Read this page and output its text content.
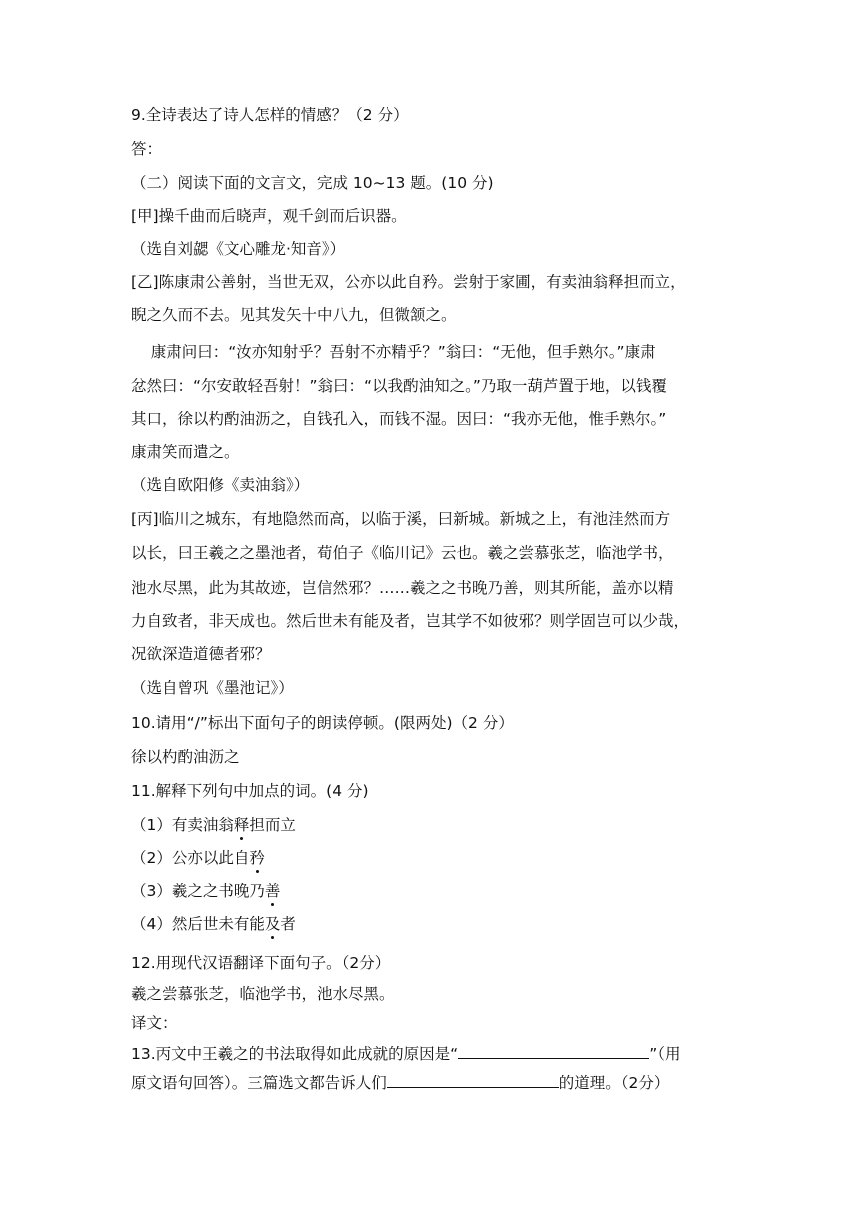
9.全诗表达了诗人怎样的情感？（2 分）
答：
（二）阅读下面的文言文，完成 10~13 题。(10 分)
[甲]操千曲而后晓声，观千剑而后识器。
（选自刘勰《文心雕龙·知音》）
[乙]陈康肃公善射，当世无双，公亦以此自矜。尝射于家圃，有卖油翁释担而立，
睨之久而不去。见其发矢十中八九，但微颔之。
康肃问曰：“汝亦知射乎？吾射不亦精乎？”翁曰：“无他，但手熟尔。”康肃
忿然曰：“尔安敢轻吾射！”翁曰：“以我酌油知之。”乃取一葫芦置于地，以钱覆
其口，徐以杓酌油沥之，自钱孔入，而钱不湿。因曰：“我亦无他，惟手熟尔。”
康肃笑而遣之。
（选自欧阳修《卖油翁》）
[丙]临川之城东，有地隐然而高，以临于溪，曰新城。新城之上，有池洼然而方
以长，曰王羲之之墨池者，荀伯子《临川记》云也。羲之尝慕张芝，临池学书，
池水尽黑，此为其故迹，岂信然邪？……羲之之书晚乃善，则其所能，盖亦以精
力自致者，非天成也。然后世未有能及者，岂其学不如彼邪？则学固岂可以少哉，
况欲深造道德者邪？
（选自曾巩《墨池记》）
10.请用“/”标出下面句子的朗读停顿。(限两处)（2 分）
徐以杓酌油沥之
11.解释下列句中加点的词。(4 分)
（1）有卖油翁释担而立
（2）公亦以此自矜
（3）羲之之书晚乃善
（4）然后世未有能及者
12.用现代汉语翻译下面句子。（2分）
羲之尝慕张芝，临池学书，池水尽黑。
译文：
13.丙文中王羲之的书法取得如此成就的原因是“	”（用
原文语句回答）。三篇选文都告诉人们	的道理。（2分）
